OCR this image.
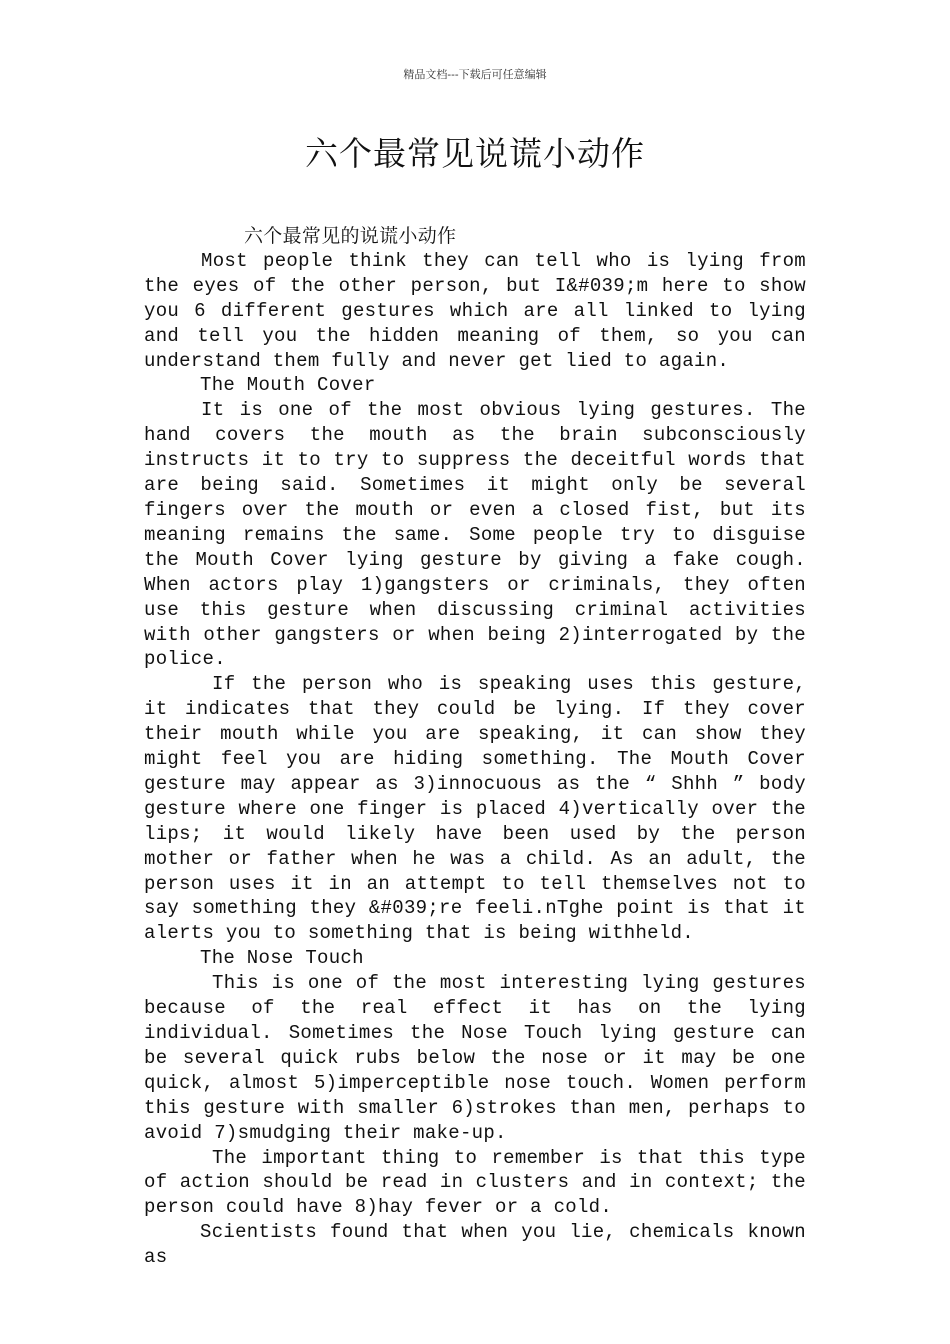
精品文档---下载后可任意编辑
六个最常见说谎小动作

六个最常见的说谎小动作

Most people think they can tell who is lying from the eyes of the other person, but I&#039;m here to show you 6 different gestures which are all linked to lying and tell you the hidden meaning of them, so you can understand them fully and never get lied to again.

The Mouth Cover

It is one of the most obvious lying gestures. The hand covers the mouth as the brain subconsciously instructs it to try to suppress the deceitful words that are being said. Sometimes it might only be several fingers over the mouth or even a closed fist, but its meaning remains the same. Some people try to disguise the Mouth Cover lying gesture by giving a fake cough. When actors play 1)gangsters or criminals, they often use this gesture when discussing criminal activities with other gangsters or when being 2)interrogated by the police.

If the person who is speaking uses this gesture, it indicates that they could be lying. If they cover their mouth while you are speaking, it can show they might feel you are hiding something. The Mouth Cover gesture may appear as 3)innocuous as the “ Shhh ” body gesture where one finger is placed 4)vertically over the lips; it would likely have been used by the person mother or father when he was a child. As an adult, the person uses it in an attempt to tell themselves not to say something they &#039;re feeli.nTghe point is that it alerts you to something that is being withheld.

The Nose Touch

This is one of the most interesting lying gestures because of the real effect it has on the lying individual. Sometimes the Nose Touch lying gesture can be several quick rubs below the nose or it may be one quick, almost 5)imperceptible nose touch. Women perform this gesture with smaller 6)strokes than men, perhaps to avoid 7)smudging their make-up.

The important thing to remember is that this type of action should be read in clusters and in context; the person could have 8)hay fever or a cold.

Scientists found that when you lie, chemicals known as
